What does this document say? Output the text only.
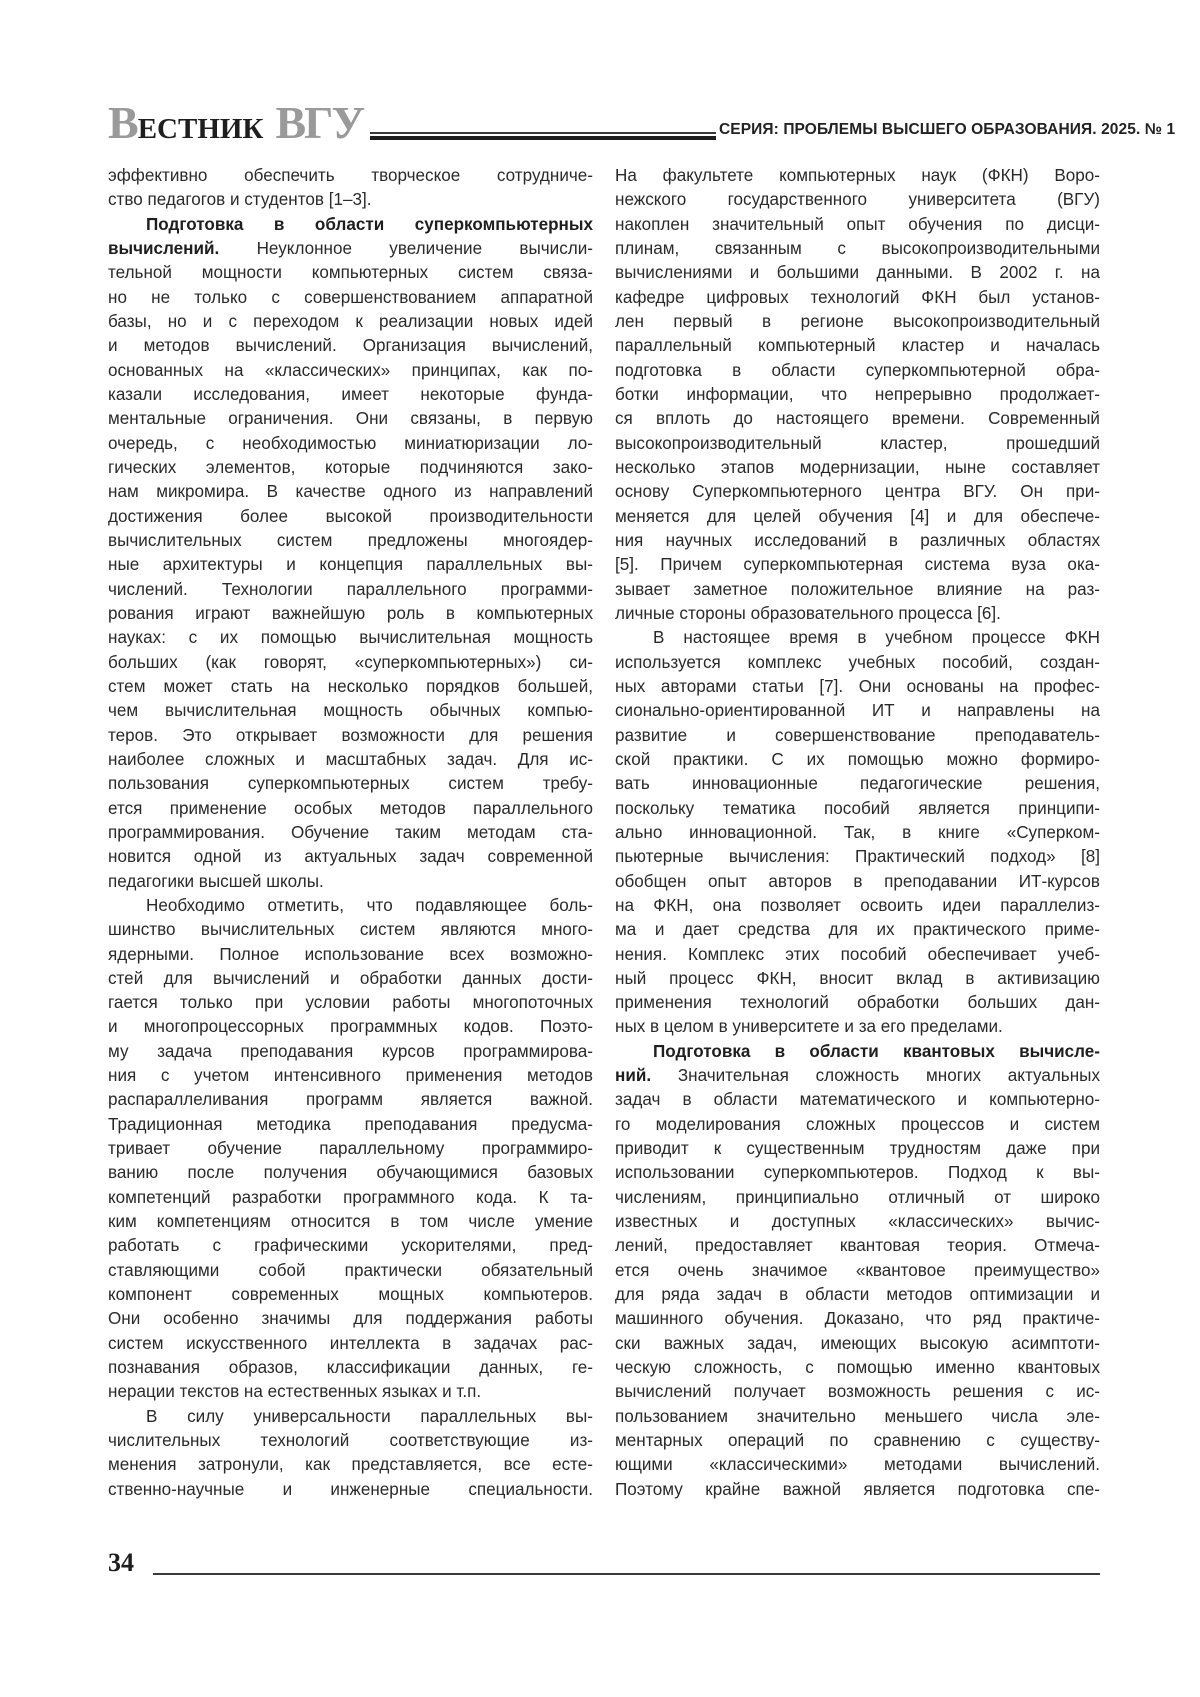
ВЕСТНИК ВГУ	СЕРИЯ: ПРОБЛЕМЫ ВЫСШЕГО ОБРАЗОВАНИЯ. 2025. № 1
эффективно обеспечить творческое сотрудниче-
ство педагогов и студентов [1–3].
Подготовка в области суперкомпьютерных
вычислений. Неуклонное увеличение вычисли-
тельной мощности компьютерных систем связа-
но не только с совершенствованием аппаратной
базы, но и с переходом к реализации новых идей
и методов вычислений. Организация вычислений,
основанных на «классических» принципах, как по-
казали исследования, имеет некоторые фунда-
ментальные ограничения. Они связаны, в первую
очередь, с необходимостью миниатюризации ло-
гических элементов, которые подчиняются зако-
нам микромира. В качестве одного из направлений
достижения более высокой производительности
вычислительных систем предложены многоядер-
ные архитектуры и концепция параллельных вы-
числений. Технологии параллельного программи-
рования играют важнейшую роль в компьютерных
науках: с их помощью вычислительная мощность
больших (как говорят, «суперкомпьютерных») си-
стем может стать на несколько порядков большей,
чем вычислительная мощность обычных компью-
теров. Это открывает возможности для решения
наиболее сложных и масштабных задач. Для ис-
пользования суперкомпьютерных систем требу-
ется применение особых методов параллельного
программирования. Обучение таким методам ста-
новится одной из актуальных задач современной
педагогики высшей школы.
Необходимо отметить, что подавляющее боль-
шинство вычислительных систем являются много-
ядерными. Полное использование всех возможно-
стей для вычислений и обработки данных дости-
гается только при условии работы многопоточных
и многопроцессорных программных кодов. Поэто-
му задача преподавания курсов программирова-
ния с учетом интенсивного применения методов
распараллеливания программ является важной.
Традиционная методика преподавания предусма-
тривает обучение параллельному программиро-
ванию после получения обучающимися базовых
компетенций разработки программного кода. К та-
ким компетенциям относится в том числе умение
работать с графическими ускорителями, пред-
ставляющими собой практически обязательный
компонент современных мощных компьютеров.
Они особенно значимы для поддержания работы
систем искусственного интеллекта в задачах рас-
познавания образов, классификации данных, ге-
нерации текстов на естественных языках и т.п.
В силу универсальности параллельных вы-
числительных технологий соответствующие из-
менения затронули, как представляется, все есте-
ственно-научные и инженерные специальности.
На факультете компьютерных наук (ФКН) Воро-
нежского государственного университета (ВГУ)
накоплен значительный опыт обучения по дисци-
плинам, связанным с высокопроизводительными
вычислениями и большими данными. В 2002 г. на
кафедре цифровых технологий ФКН был установ-
лен первый в регионе высокопроизводительный
параллельный компьютерный кластер и началась
подготовка в области суперкомпьютерной обра-
ботки информации, что непрерывно продолжает-
ся вплоть до настоящего времени. Современный
высокопроизводительный кластер, прошедший
несколько этапов модернизации, ныне составляет
основу Суперкомпьютерного центра ВГУ. Он при-
меняется для целей обучения [4] и для обеспече-
ния научных исследований в различных областях
[5]. Причем суперкомпьютерная система вуза ока-
зывает заметное положительное влияние на раз-
личные стороны образовательного процесса [6].
В настоящее время в учебном процессе ФКН
используется комплекс учебных пособий, создан-
ных авторами статьи [7]. Они основаны на профес-
сионально-ориентированной ИТ и направлены на
развитие и совершенствование преподаватель-
ской практики. С их помощью можно формиро-
вать инновационные педагогические решения,
поскольку тематика пособий является принципи-
ально инновационной. Так, в книге «Суперком-
пьютерные вычисления: Практический подход» [8]
обобщен опыт авторов в преподавании ИТ-курсов
на ФКН, она позволяет освоить идеи параллелиз-
ма и дает средства для их практического приме-
нения. Комплекс этих пособий обеспечивает учеб-
ный процесс ФКН, вносит вклад в активизацию
применения технологий обработки больших дан-
ных в целом в университете и за его пределами.
Подготовка в области квантовых вычисле-
ний. Значительная сложность многих актуальных
задач в области математического и компьютерно-
го моделирования сложных процессов и систем
приводит к существенным трудностям даже при
использовании суперкомпьютеров. Подход к вы-
числениям, принципиально отличный от широко
известных и доступных «классических» вычис-
лений, предоставляет квантовая теория. Отмеча-
ется очень значимое «квантовое преимущество»
для ряда задач в области методов оптимизации и
машинного обучения. Доказано, что ряд практиче-
ски важных задач, имеющих высокую асимптоти-
ческую сложность, с помощью именно квантовых
вычислений получает возможность решения с ис-
пользованием значительно меньшего числа эле-
ментарных операций по сравнению с существу-
ющими «классическими» методами вычислений.
Поэтому крайне важной является подготовка спе-
34
